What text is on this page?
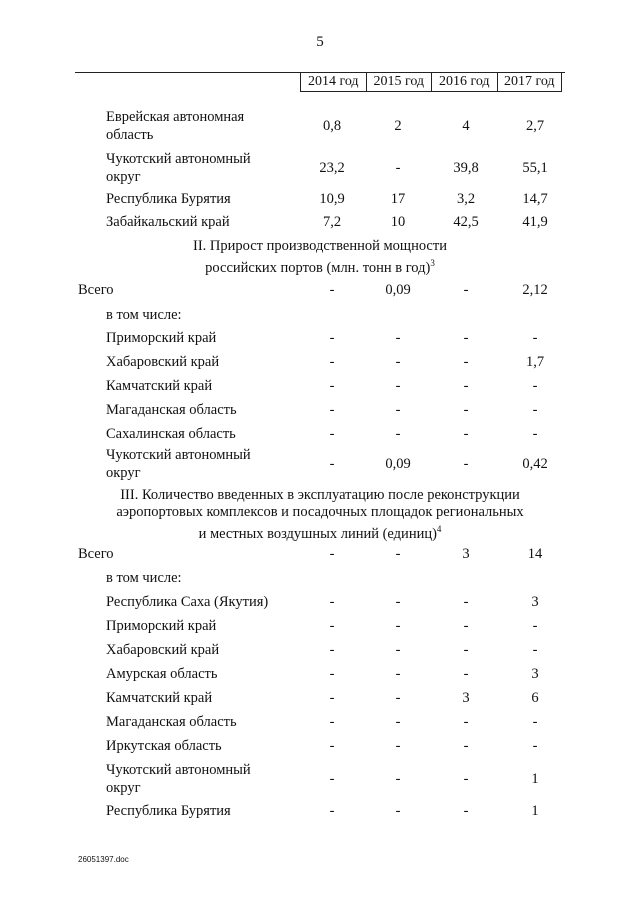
5
2014 год	2015 год	2016 год	2017 год
Еврейская автономная
область
0,8	2	4	2,7
Чукотский автономный
округ
23,2	-	39,8	55,1
Республика Бурятия	10,9	17	3,2	14,7
Забайкальский край	7,2	10	42,5	41,9
II. Прирост производственной мощности
российских портов (млн. тонн в год)$^3$
Всего	-	0,09	-	2,12
в том числе:
Приморский край	-	-	-	-
Хабаровский край	-	-	-	1,7
Камчатский край	-	-	-	-
Магаданская область	-	-	-	-
Сахалинская область	-	-	-	-
Чукотский автономный
округ
-	0,09	-	0,42
III. Количество введенных в эксплуатацию после реконструкции
аэропортовых комплексов и посадочных площадок региональных
и местных воздушных линий (единиц)$^4$
Всего	-	-	3	14
в том числе:
Республика Саха (Якутия)	-	-	-	3
Приморский край	-	-	-	-
Хабаровский край	-	-	-	-
Амурская область	-	-	-	3
Камчатский край	-	-	3	6
Магаданская область	-	-	-	-
Иркутская область	-	-	-	-
Чукотский автономный
округ
-	-	-	1
Республика Бурятия	-	-	-	1
26051397.doc
